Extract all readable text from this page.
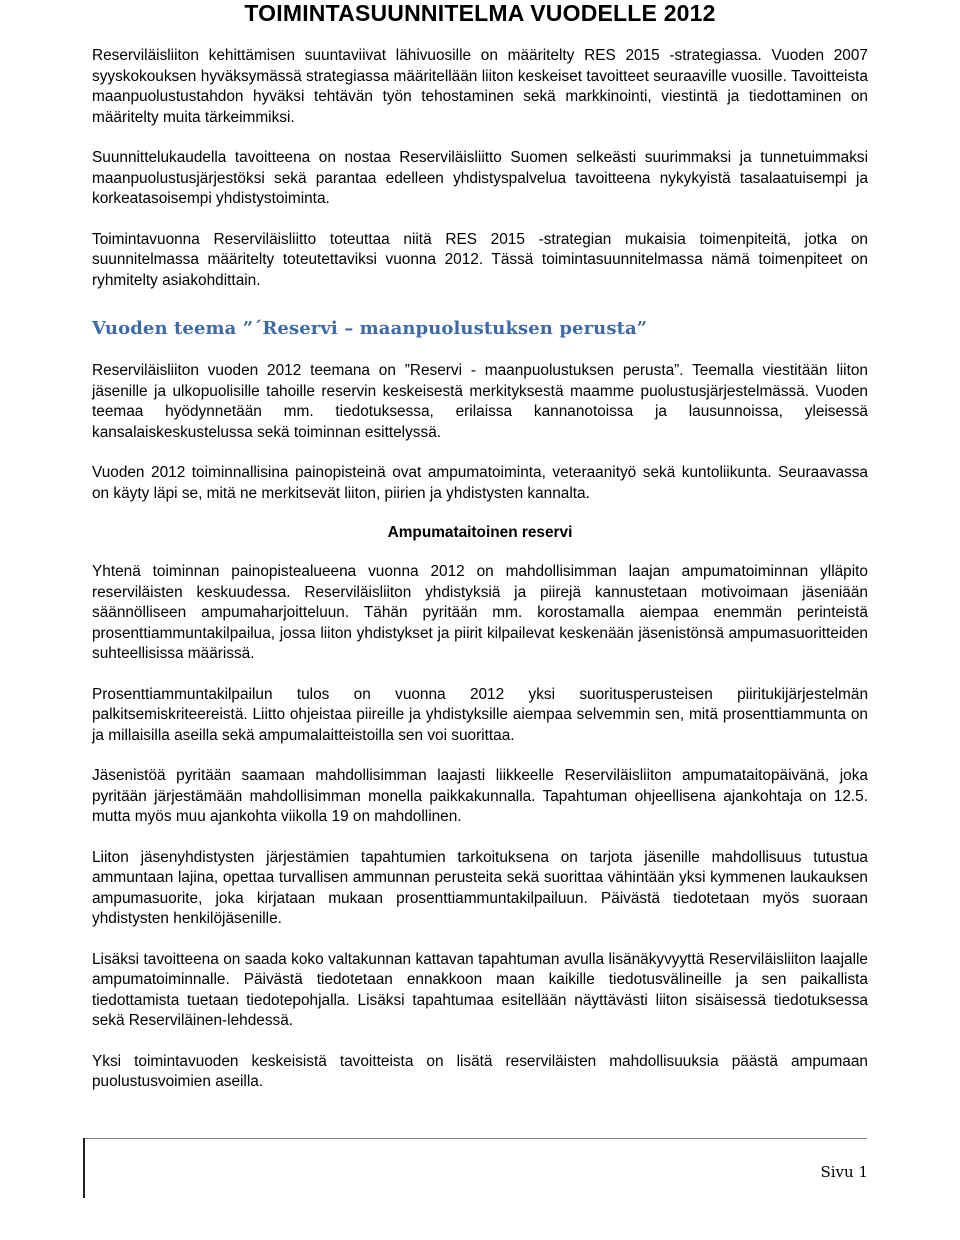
TOIMINTASUUNNITELMA VUODELLE 2012

Reserviläisliiton kehittämisen suuntaviivat lähivuosille on määritelty RES 2015 -strategiassa. Vuoden 2007 syyskokouksen hyväksymässä strategiassa määritellään liiton keskeiset tavoitteet seuraaville vuosille. Tavoitteista maanpuolustustahdon hyväksi tehtävän työn tehostaminen sekä markkinointi, viestintä ja tiedottaminen on määritelty muita tärkeimmiksi.

Suunnittelukaudella tavoitteena on nostaa Reserviläisliitto Suomen selkeästi suurimmaksi ja tunnetuimmaksi maanpuolustusjärjestöksi sekä parantaa edelleen yhdistyspalvelua tavoitteena nykykyistä tasalaatuisempi ja korkeatasoisempi yhdistystoiminta.

Toimintavuonna Reserviläisliitto toteuttaa niitä RES 2015 -strategian mukaisia toimenpiteitä, jotka on suunnitelmassa määritelty toteutettaviksi vuonna 2012. Tässä toimintasuunnitelmassa nämä toimenpiteet on ryhmitelty asiakohdittain.

Vuoden teema ”´Reservi – maanpuolustuksen perusta”

Reserviläisliiton vuoden 2012 teemana on ”Reservi - maanpuolustuksen perusta”. Teemalla viestitään liiton jäsenille ja ulkopuolisille tahoille reservin keskeisestä merkityksestä maamme puolustusjärjestelmässä. Vuoden teemaa hyödynnetään mm. tiedotuksessa, erilaissa kannanotoissa ja lausunnoissa, yleisessä kansalaiskeskustelussa sekä toiminnan esittelyssä.

Vuoden 2012 toiminnallisina painopisteinä ovat ampumatoiminta, veteraanityö sekä kuntoliikunta. Seuraavassa on käyty läpi se, mitä ne merkitsevät liiton, piirien ja yhdistysten kannalta.

Ampumataitoinen reservi

Yhtenä toiminnan painopistealueena vuonna 2012 on mahdollisimman laajan ampumatoiminnan ylläpito reserviläisten keskuudessa. Reserviläisliiton yhdistyksiä ja piirejä kannustetaan motivoimaan jäseniään säännölliseen ampumaharjoitteluun. Tähän pyritään mm. korostamalla aiempaa enemmän perinteistä prosenttiammuntakilpailua, jossa liiton yhdistykset ja piirit kilpailevat keskenään jäsenistönsä ampumasuoritteiden suhteellisissa määrissä.

Prosenttiammuntakilpailun tulos on vuonna 2012 yksi suoritusperusteisen piiritukijärjestelmän palkitsemiskriteereistä. Liitto ohjeistaa piireille ja yhdistyksille aiempaa selvemmin sen, mitä prosenttiammunta on ja millaisilla aseilla sekä ampumalaitteistoilla sen voi suorittaa.

Jäsenistöä pyritään saamaan mahdollisimman laajasti liikkeelle Reserviläisliiton ampumataitopäivänä, joka pyritään järjestämään mahdollisimman monella paikkakunnalla. Tapahtuman ohjeellisena ajankohtaja on 12.5. mutta myös muu ajankohta viikolla 19 on mahdollinen.

Liiton jäsenyhdistysten järjestämien tapahtumien tarkoituksena on tarjota jäsenille mahdollisuus tutustua ammuntaan lajina, opettaa turvallisen ammunnan perusteita sekä suorittaa vähintään yksi kymmenen laukauksen ampumasuorite, joka kirjataan mukaan prosenttiammuntakilpailuun. Päivästä tiedotetaan myös suoraan yhdistysten henkilöjäsenille.

Lisäksi tavoitteena on saada koko valtakunnan kattavan tapahtuman avulla lisänäkyvyyttä Reserviläisliiton laajalle ampumatoiminnalle. Päivästä tiedotetaan ennakkoon maan kaikille tiedotusvälineille ja sen paikallista tiedottamista tuetaan tiedotepohjalla. Lisäksi tapahtumaa esitellään näyttävästi liiton sisäisessä tiedotuksessa sekä Reserviläinen-lehdessä.

Yksi toimintavuoden keskeisistä tavoitteista on lisätä reserviläisten mahdollisuuksia päästä ampumaan puolustusvoimien aseilla.

Sivu 1
